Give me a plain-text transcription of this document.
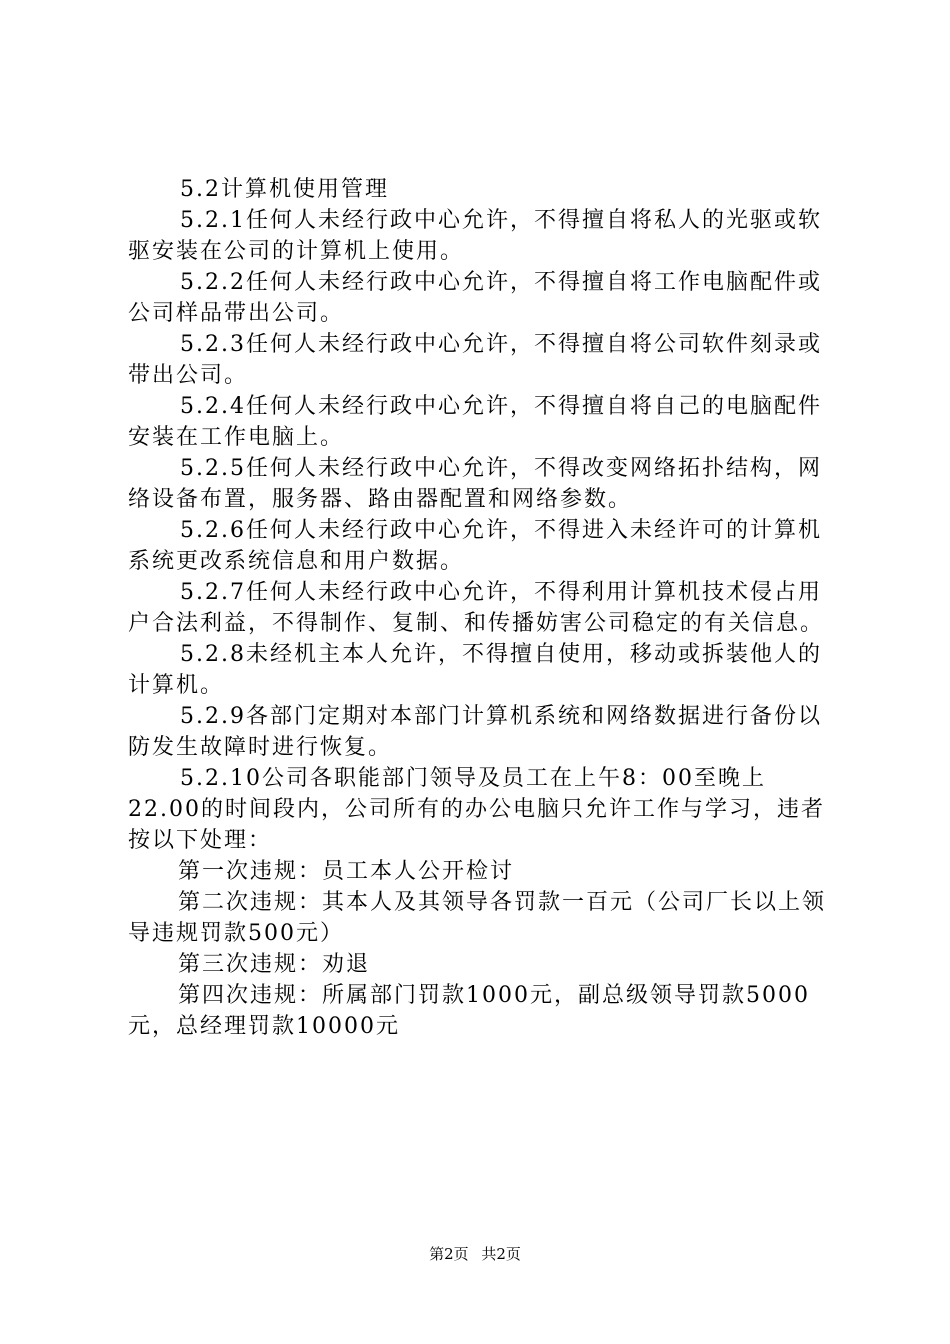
5.2计算机使用管理

5.2.1任何人未经行政中心允许，不得擅自将私人的光驱或软驱安装在公司的计算机上使用。

5.2.2任何人未经行政中心允许，不得擅自将工作电脑配件或公司样品带出公司。

5.2.3任何人未经行政中心允许，不得擅自将公司软件刻录或带出公司。

5.2.4任何人未经行政中心允许，不得擅自将自己的电脑配件安装在工作电脑上。

5.2.5任何人未经行政中心允许，不得改变网络拓扑结构，网络设备布置，服务器、路由器配置和网络参数。

5.2.6任何人未经行政中心允许，不得进入未经许可的计算机系统更改系统信息和用户数据。

5.2.7任何人未经行政中心允许，不得利用计算机技术侵占用户合法利益，不得制作、复制、和传播妨害公司稳定的有关信息。

5.2.8未经机主本人允许，不得擅自使用，移动或拆装他人的计算机。

5.2.9各部门定期对本部门计算机系统和网络数据进行备份以防发生故障时进行恢复。

5.2.10公司各职能部门领导及员工在上午8：00至晚上22.00的时间段内，公司所有的办公电脑只允许工作与学习，违者按以下处理：

第一次违规：员工本人公开检讨

第二次违规：其本人及其领导各罚款一百元（公司厂长以上领导违规罚款500元）

第三次违规：劝退

第四次违规：所属部门罚款1000元，副总级领导罚款5000元，总经理罚款10000元

第2页 共2页
